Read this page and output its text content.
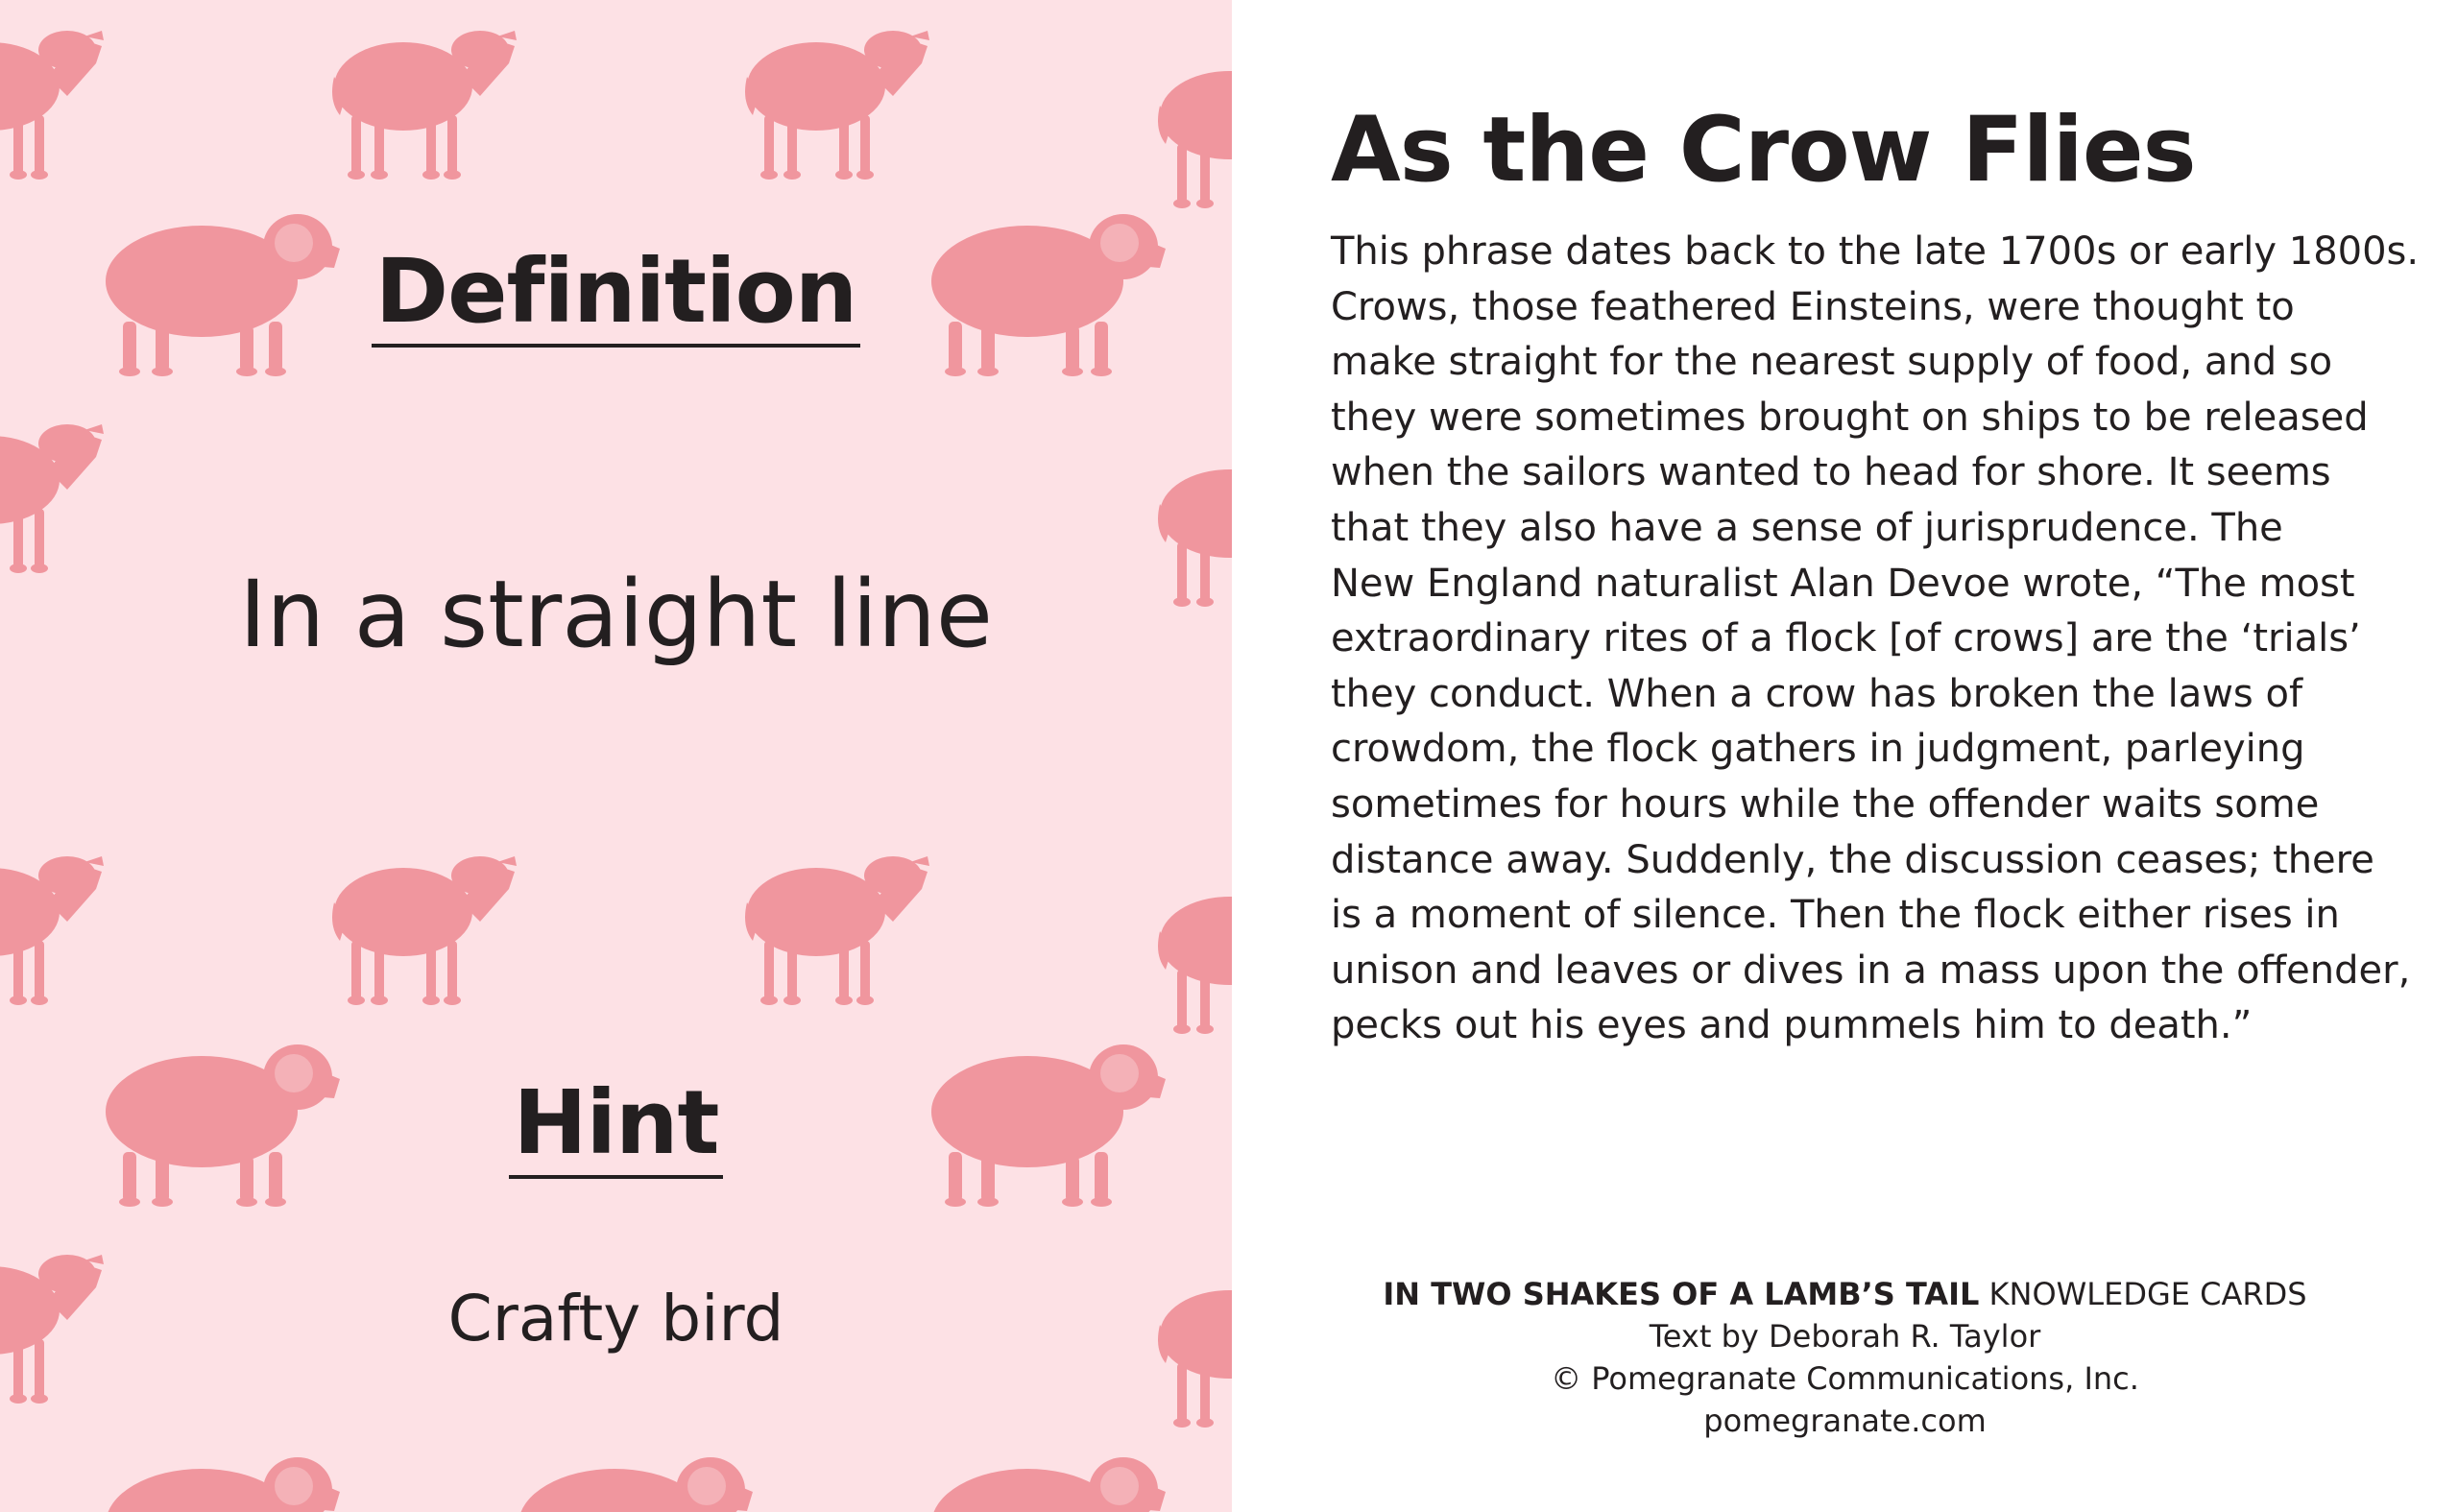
Definition
In a straight line
Hint
Crafty bird
As the Crow Flies

This phrase dates back to the late 1700s or early 1800s.
Crows, those feathered Einsteins, were thought to
make straight for the nearest supply of food, and so
they were sometimes brought on ships to be released
when the sailors wanted to head for shore. It seems
that they also have a sense of jurisprudence. The
New England naturalist Alan Devoe wrote, “The most
extraordinary rites of a flock [of crows] are the ‘trials’
they conduct. When a crow has broken the laws of
crowdom, the flock gathers in judgment, parleying
sometimes for hours while the offender waits some
distance away. Suddenly, the discussion ceases; there
is a moment of silence. Then the flock either rises in
unison and leaves or dives in a mass upon the offender,
pecks out his eyes and pummels him to death.”

IN TWO SHAKES OF A LAMB’S TAIL KNOWLEDGE CARDS
Text by Deborah R. Taylor
© Pomegranate Communications, Inc.
pomegranate.com
